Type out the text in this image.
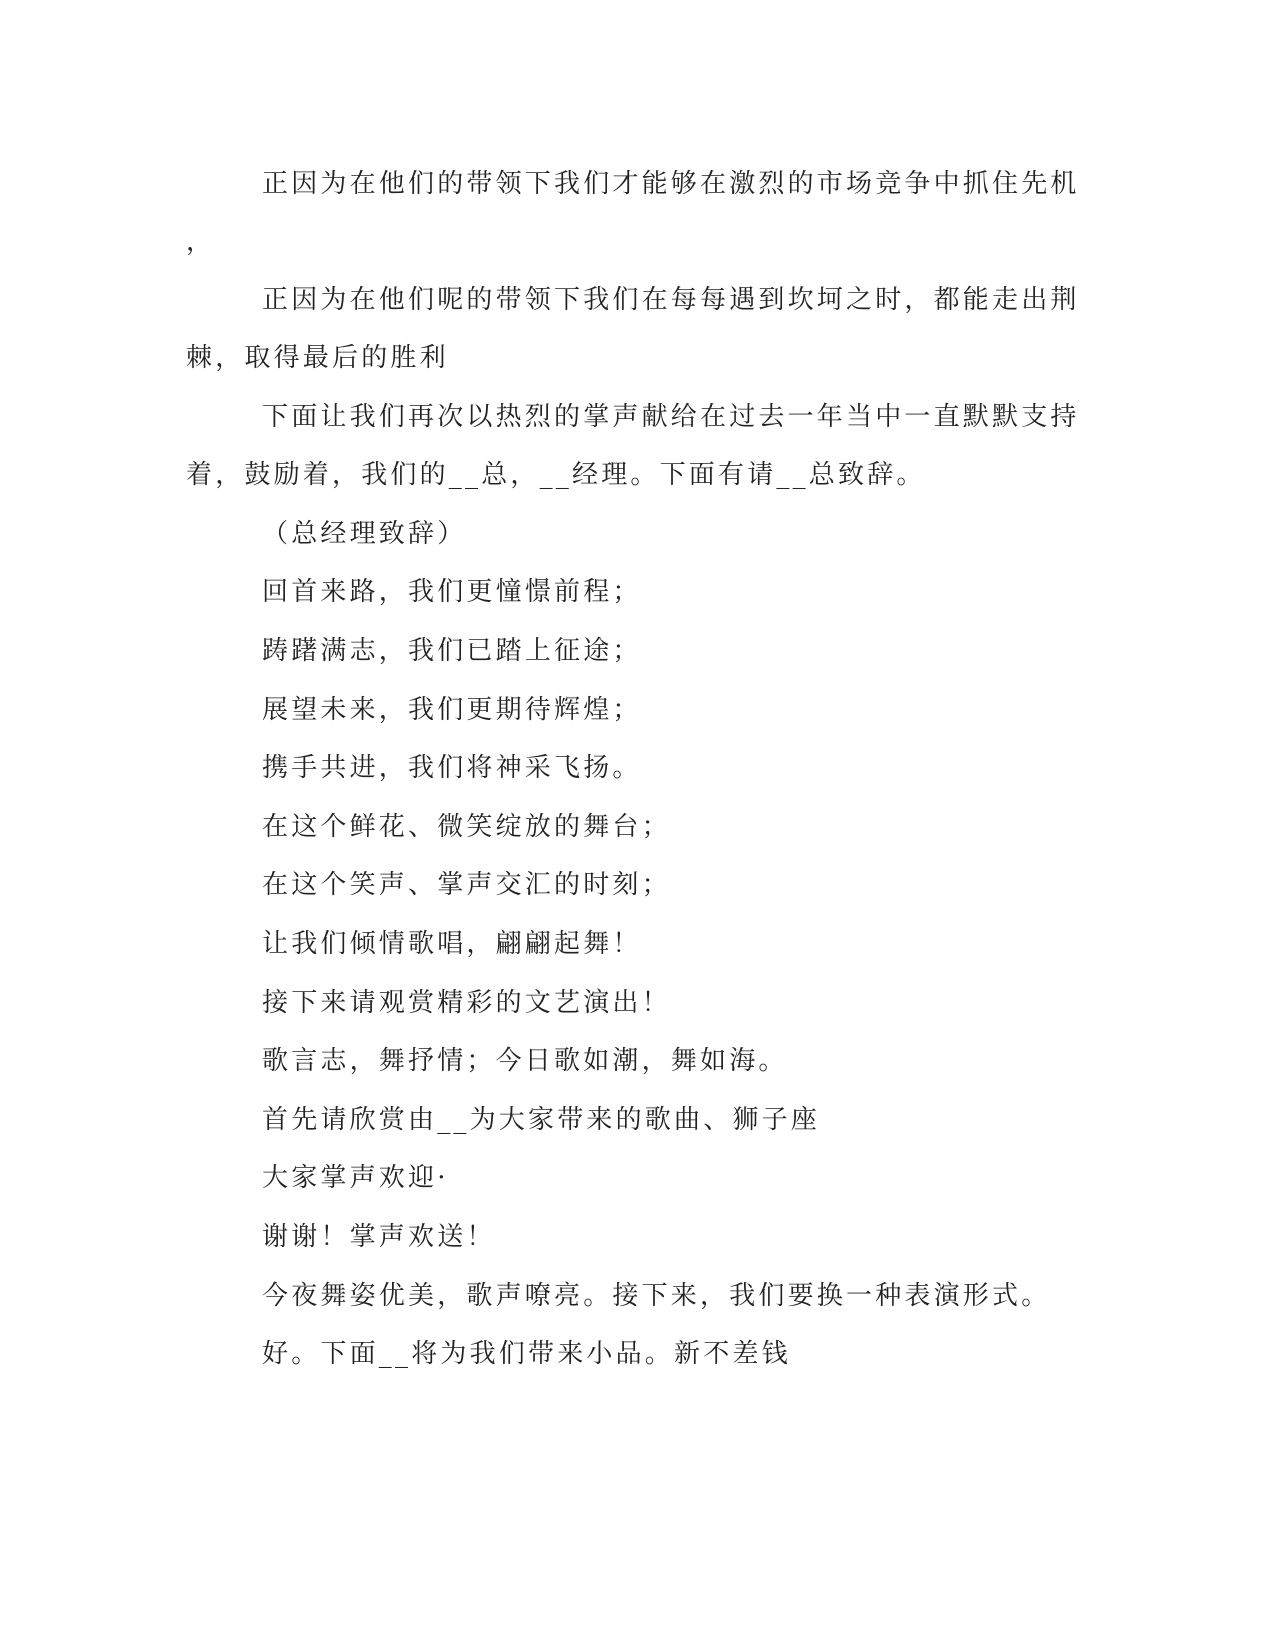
正因为在他们的带领下我们才能够在激烈的市场竞争中抓住先机
，
正因为在他们呢的带领下我们在每每遇到坎坷之时，都能走出荆
棘，取得最后的胜利
下面让我们再次以热烈的掌声献给在过去一年当中一直默默支持
着，鼓励着，我们的__总，__经理。下面有请__总致辞。
（总经理致辞）
回首来路，我们更憧憬前程；
踌躇满志，我们已踏上征途；
展望未来，我们更期待辉煌；
携手共进，我们将神采飞扬。
在这个鲜花、微笑绽放的舞台；
在这个笑声、掌声交汇的时刻；
让我们倾情歌唱，翩翩起舞！
接下来请观赏精彩的文艺演出！
歌言志，舞抒情；今日歌如潮，舞如海。
首先请欣赏由__为大家带来的歌曲、狮子座
大家掌声欢迎·
谢谢！掌声欢送！
今夜舞姿优美，歌声嘹亮。接下来，我们要换一种表演形式。
好。下面__将为我们带来小品。新不差钱
